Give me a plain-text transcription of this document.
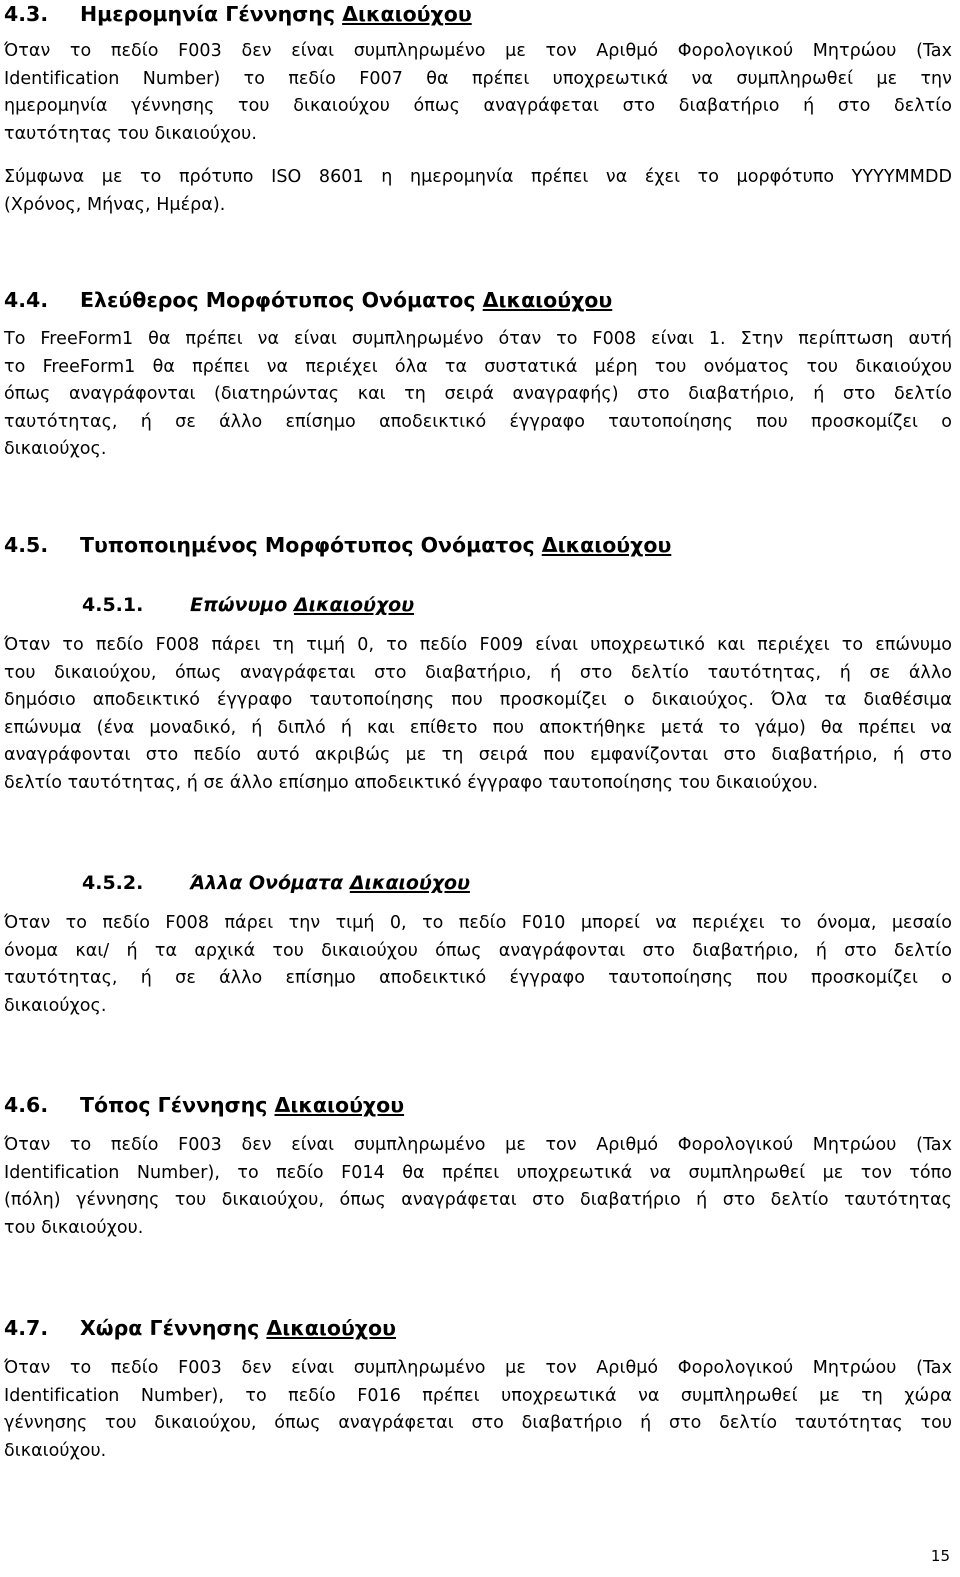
4.3. Ημερομηνία Γέννησης Δικαιούχου

Όταν το πεδίο F003 δεν είναι συμπληρωμένο με τον Αριθμό Φορολογικού Μητρώου (Tax
Identification Number) το πεδίο F007 θα πρέπει υποχρεωτικά να συμπληρωθεί με την
ημερομηνία γέννησης του δικαιούχου όπως αναγράφεται στο διαβατήριο ή στο δελτίο
ταυτότητας του δικαιούχου.

Σύμφωνα με το πρότυπο ISO 8601 η ημερομηνία πρέπει να έχει το μορφότυπο YYYYMMDD
(Χρόνος, Μήνας, Ημέρα).

4.4. Ελεύθερος Μορφότυπος Ονόματος Δικαιούχου

Το FreeForm1 θα πρέπει να είναι συμπληρωμένο όταν το F008 είναι 1. Στην περίπτωση αυτή
το FreeForm1 θα πρέπει να περιέχει όλα τα συστατικά μέρη του ονόματος του δικαιούχου
όπως αναγράφονται (διατηρώντας και τη σειρά αναγραφής) στο διαβατήριο, ή στο δελτίο
ταυτότητας, ή σε άλλο επίσημο αποδεικτικό έγγραφο ταυτοποίησης που προσκομίζει ο
δικαιούχος.

4.5. Τυποποιημένος Μορφότυπος Ονόματος Δικαιούχου
4.5.1. Επώνυμο Δικαιούχου

Όταν το πεδίο F008 πάρει τη τιμή 0, το πεδίο F009 είναι υποχρεωτικό και περιέχει το επώνυμο
του δικαιούχου, όπως αναγράφεται στο διαβατήριο, ή στο δελτίο ταυτότητας, ή σε άλλο
δημόσιο αποδεικτικό έγγραφο ταυτοποίησης που προσκομίζει ο δικαιούχος. Όλα τα διαθέσιμα
επώνυμα (ένα μοναδικό, ή διπλό ή και επίθετο που αποκτήθηκε μετά το γάμο) θα πρέπει να
αναγράφονται στο πεδίο αυτό ακριβώς με τη σειρά που εμφανίζονται στο διαβατήριο, ή στο
δελτίο ταυτότητας, ή σε άλλο επίσημο αποδεικτικό έγγραφο ταυτοποίησης του δικαιούχου.

4.5.2. Άλλα Ονόματα Δικαιούχου

Όταν το πεδίο F008 πάρει την τιμή 0, το πεδίο F010 μπορεί να περιέχει το όνομα, μεσαίο
όνομα και/ ή τα αρχικά του δικαιούχου όπως αναγράφονται στο διαβατήριο, ή στο δελτίο
ταυτότητας, ή σε άλλο επίσημο αποδεικτικό έγγραφο ταυτοποίησης που προσκομίζει ο
δικαιούχος.

4.6. Τόπος Γέννησης Δικαιούχου

Όταν το πεδίο F003 δεν είναι συμπληρωμένο με τον Αριθμό Φορολογικού Μητρώου (Tax
Identification Number), το πεδίο F014 θα πρέπει υποχρεωτικά να συμπληρωθεί με τον τόπο
(πόλη) γέννησης του δικαιούχου, όπως αναγράφεται στο διαβατήριο ή στο δελτίο ταυτότητας
του δικαιούχου.

4.7. Χώρα Γέννησης Δικαιούχου

Όταν το πεδίο F003 δεν είναι συμπληρωμένο με τον Αριθμό Φορολογικού Μητρώου (Tax
Identification Number), το πεδίο F016 πρέπει υποχρεωτικά να συμπληρωθεί με τη χώρα
γέννησης του δικαιούχου, όπως αναγράφεται στο διαβατήριο ή στο δελτίο ταυτότητας του
δικαιούχου.

15
